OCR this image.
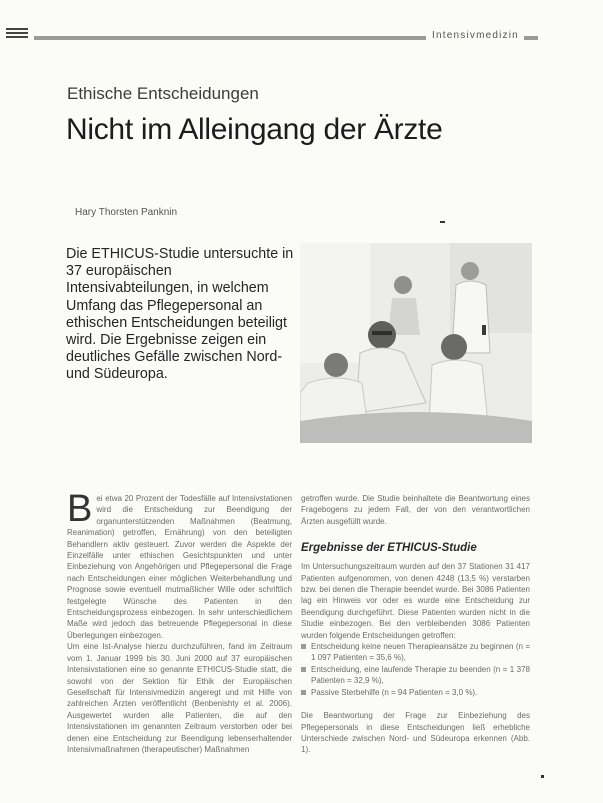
Intensivmedizin
Ethische Entscheidungen
Nicht im Alleingang der Ärzte
Hary Thorsten Panknin
Die ETHICUS-Studie untersuchte in 37 europäischen Intensivabteilungen, in welchem Umfang das Pflegepersonal an ethischen Entscheidungen beteiligt wird. Die Ergebnisse zeigen ein deutliches Gefälle zwischen Nord- und Südeuropa.
B ei etwa 20 Prozent der Todesfälle auf Intensivstationen wird die Entscheidung zur Beendigung der organunterstützenden Maßnahmen (Beatmung, Reanimation) getroffen, Ernährung) von den beteiligten Behandlern aktiv gesteuert. Zuvor werden die Aspekte der Einzelfälle unter ethischen Gesichtspunkten und unter Einbeziehung von Angehörigen und Pflegepersonal die Frage nach Entscheidungen einer möglichen Weiterbehandlung und Prognose sowie eventuell mutmaßlicher Wille oder schriftlich festgelegte Wünsche des Patienten in den Entscheidungsprozess einbezogen. In sehr unterschiedlichem Maße wird jedoch das betreuende Pflegepersonal in diese Überlegungen einbezogen.

Um eine Ist-Analyse hierzu durchzuführen, fand im Zeitraum vom 1. Januar 1999 bis 30. Juni 2000 auf 37 europäischen Intensivstationen eine so genannte ETHICUS-Studie statt, die sowohl von der Sektion für Ethik der Europäischen Gesellschaft für Intensivmedizin angeregt und mit Hilfe von zahlreichen Ärzten veröffentlicht (Benbenishty et al. 2006). Ausgewertet wurden alle Patienten, die auf den Intensivstationen im genannten Zeitraum verstorben oder bei denen eine Entscheidung zur Beendigung lebenserhaltender Intensivmaßnahmen (therapeutischer) Maßnahmen

getroffen wurde. Die Studie beinhaltete die Beantwortung eines Fragebogens zu jedem Fall, der von den verantwortlichen Ärzten ausgefüllt wurde.

Ergebnisse der ETHICUS-Studie

Im Untersuchungszeitraum wurden auf den 37 Stationen 31 417 Patienten aufgenommen, von denen 4248 (13,5 %) verstarben bzw. bei denen die Therapie beendet wurde. Bei 3086 Patienten lag ein Hinweis vor oder es wurde eine Entscheidung zur Beendigung durchgeführt. Diese Patienten wurden nicht in die Studie einbezogen. Bei den verbleibenden 3086 Patienten wurden folgende Entscheidungen getroffen:

Entscheidung keine neuen Therapieansätze zu beginnen (n = 1 097 Patienten = 35,6 %),
Entscheidung, eine laufende Therapie zu beenden (n = 1 378 Patienten = 32,9 %),
Passive Sterbehilfe (n = 94 Patienten = 3,0 %).

Die Beantwortung der Frage zur Einbeziehung des Pflegepersonals in diese Entscheidungen ließ erhebliche Unterschiede zwischen Nord- und Südeuropa erkennen (Abb. 1).
